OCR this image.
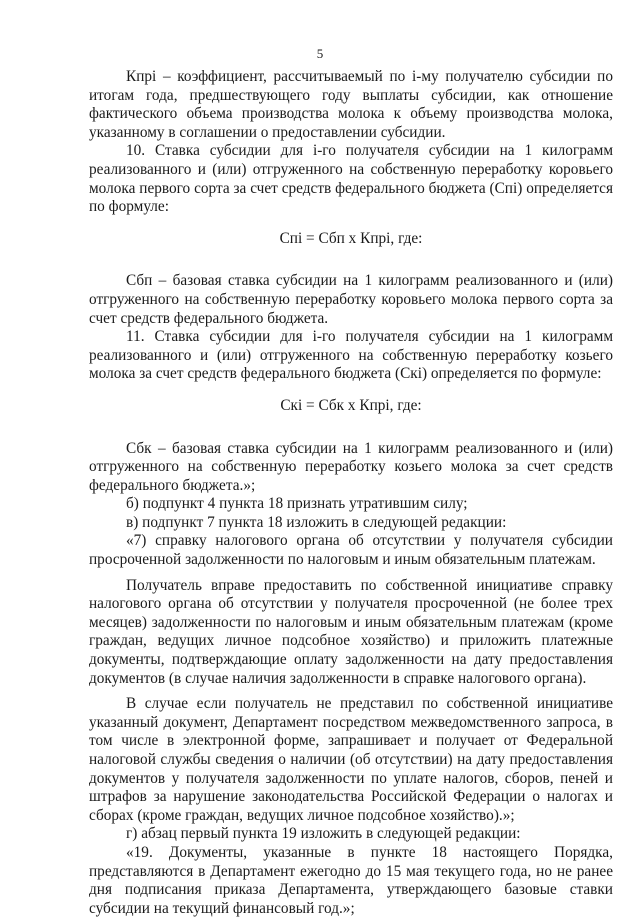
5

Кпрi – коэффициент, рассчитываемый по i-му получателю субсидии по итогам года, предшествующего году выплаты субсидии, как отношение фактического объема производства молока к объему производства молока, указанному в соглашении о предоставлении субсидии.

10. Ставка субсидии для i-го получателя субсидии на 1 килограмм реализованного и (или) отгруженного на собственную переработку коровьего молока первого сорта за счет средств федерального бюджета (Спi) определяется по формуле:

Спi = Сбп x Кпрi, где:

Сбп – базовая ставка субсидии на 1 килограмм реализованного и (или) отгруженного на собственную переработку коровьего молока первого сорта за счет средств федерального бюджета.

11. Ставка субсидии для i-го получателя субсидии на 1 килограмм реализованного и (или) отгруженного на собственную переработку козьего молока за счет средств федерального бюджета (Скi) определяется по формуле:

Скi = Сбк x Кпрi, где:

Сбк – базовая ставка субсидии на 1 килограмм реализованного и (или) отгруженного на собственную переработку козьего молока за счет средств федерального бюджета.»;

б) подпункт 4 пункта 18 признать утратившим силу;

в) подпункт 7 пункта 18 изложить в следующей редакции:

«7) справку налогового органа об отсутствии у получателя субсидии просроченной задолженности по налоговым и иным обязательным платежам.

Получатель вправе предоставить по собственной инициативе справку налогового органа об отсутствии у получателя просроченной (не более трех месяцев) задолженности по налоговым и иным обязательным платежам (кроме граждан, ведущих личное подсобное хозяйство) и приложить платежные документы, подтверждающие оплату задолженности на дату предоставления документов (в случае наличия задолженности в справке налогового органа).

В случае если получатель не представил по собственной инициативе указанный документ, Департамент посредством межведомственного запроса, в том числе в электронной форме, запрашивает и получает от Федеральной налоговой службы сведения о наличии (об отсутствии) на дату предоставления документов у получателя задолженности по уплате налогов, сборов, пеней и штрафов за нарушение законодательства Российской Федерации о налогах и сборах (кроме граждан, ведущих личное подсобное хозяйство).»;

г) абзац первый пункта 19 изложить в следующей редакции:

«19. Документы, указанные в пункте 18 настоящего Порядка, представляются в Департамент ежегодно до 15 мая текущего года, но не ранее дня подписания приказа Департамента, утверждающего базовые ставки субсидии на текущий финансовый год.»;
